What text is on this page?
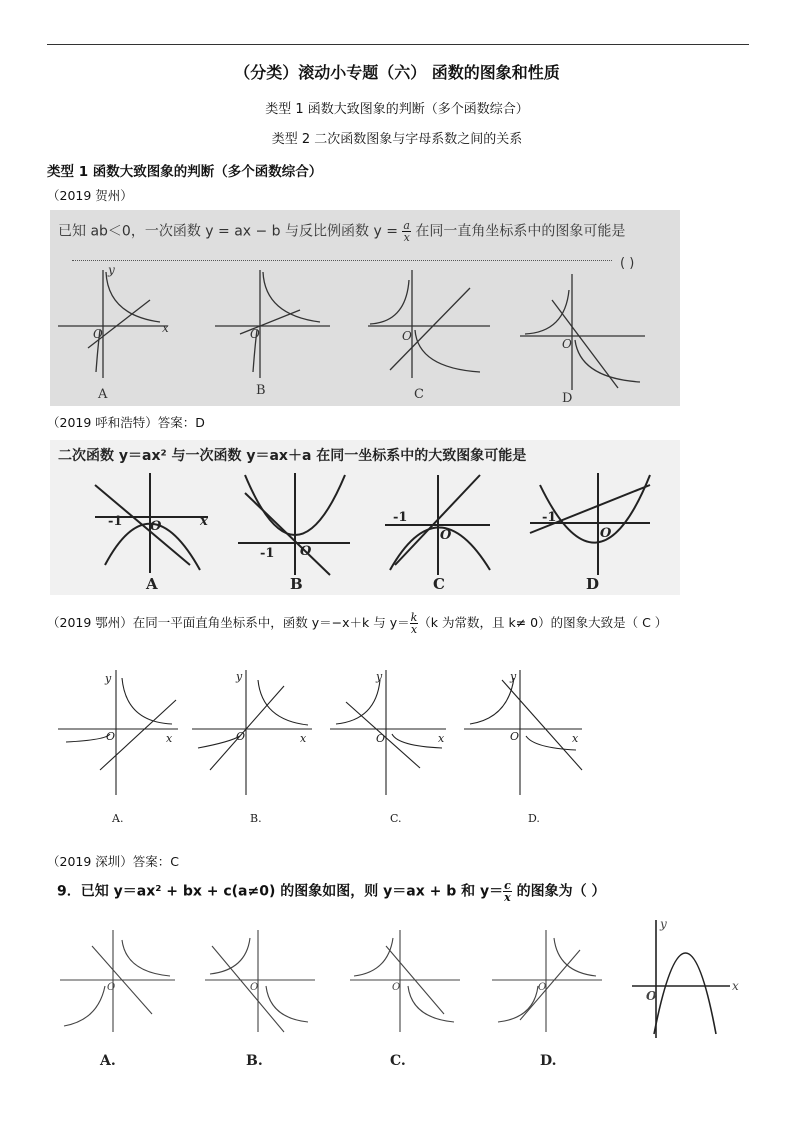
（分类）滚动小专题（六） 函数的图象和性质
类型 1 函数大致图象的判断（多个函数综合）
类型 2 二次函数图象与字母系数之间的关系
类型 1 函数大致图象的判断（多个函数综合）
（2019 贺州）
已知 ab＜0，一次函数 y = ax − b 与反比例函数 $y = \frac{a}{x}$ 在同一直角坐标系中的图象可能是
( )
O	x
y
O	O
O
A	B	C	D
（2019 呼和浩特）答案：D
二次函数 y＝ax² 与一次函数 y＝ax＋a 在同一坐标系中的大致图象可能是
-1 O
-1 O
-1
O
-1
O
x
A	B	C	D
（2019 鄂州）在同一平面直角坐标系中，函数 y＝−x＋k 与 $y= \frac{k}{x} (k$ 为常数，且 k≠ 0）的图象大致是（ C ）
y
O	x
y
O	x
y
O	x
y
O	x
A.	B.	C.	D.
（2019 深圳）答案：C
9．已知 y＝ax² + bx + c(a≠0) 的图象如图，则 y＝ax + b 和 $y= \frac{c}{x}$ 的图象为（ ）
O	O	O	O
y
x
O
A.	B.	C.	D.
